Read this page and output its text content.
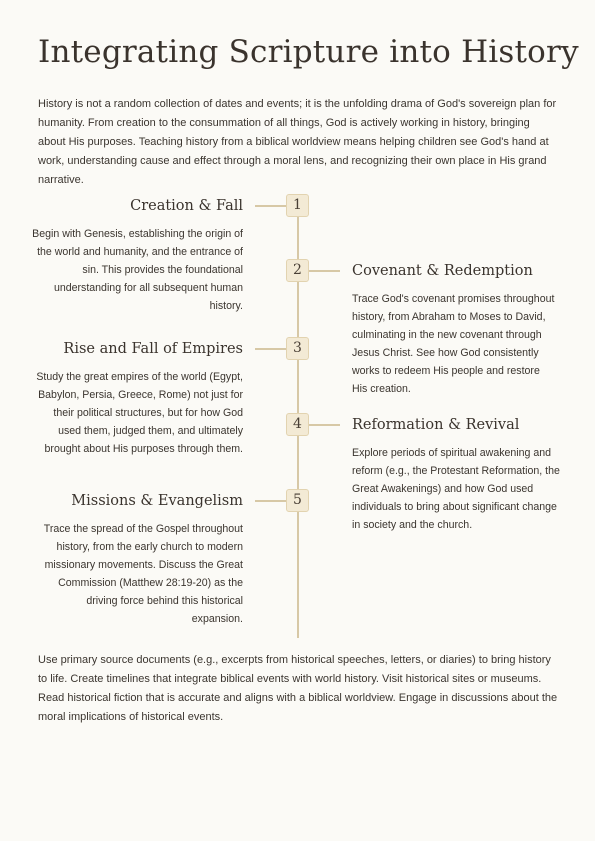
Integrating Scripture into History

History is not a random collection of dates and events; it is the unfolding drama of God's sovereign plan for humanity. From creation to the consummation of all things, God is actively working in history, bringing about His purposes. Teaching history from a biblical worldview means helping children see God's hand at work, understanding cause and effect through a moral lens, and recognizing their own place in His grand narrative.

1
Creation & Fall
Begin with Genesis, establishing the origin of the world and humanity, and the entrance of sin. This provides the foundational understanding for all subsequent human history.
2	Covenant & Redemption
Trace God's covenant promises throughout history, from Abraham to Moses to David, culminating in the new covenant through Jesus Christ. See how God consistently works to redeem His people and restore His creation.
3
Rise and Fall of Empires
Study the great empires of the world (Egypt, Babylon, Persia, Greece, Rome) not just for their political structures, but for how God used them, judged them, and ultimately brought about His purposes through them.
4	Reformation & Revival
Explore periods of spiritual awakening and reform (e.g., the Protestant Reformation, the Great Awakenings) and how God used individuals to bring about significant change in society and the church.
5
Missions & Evangelism
Trace the spread of the Gospel throughout history, from the early church to modern missionary movements. Discuss the Great Commission (Matthew 28:19-20) as the driving force behind this historical expansion.

Use primary source documents (e.g., excerpts from historical speeches, letters, or diaries) to bring history to life. Create timelines that integrate biblical events with world history. Visit historical sites or museums. Read historical fiction that is accurate and aligns with a biblical worldview. Engage in discussions about the moral implications of historical events.
